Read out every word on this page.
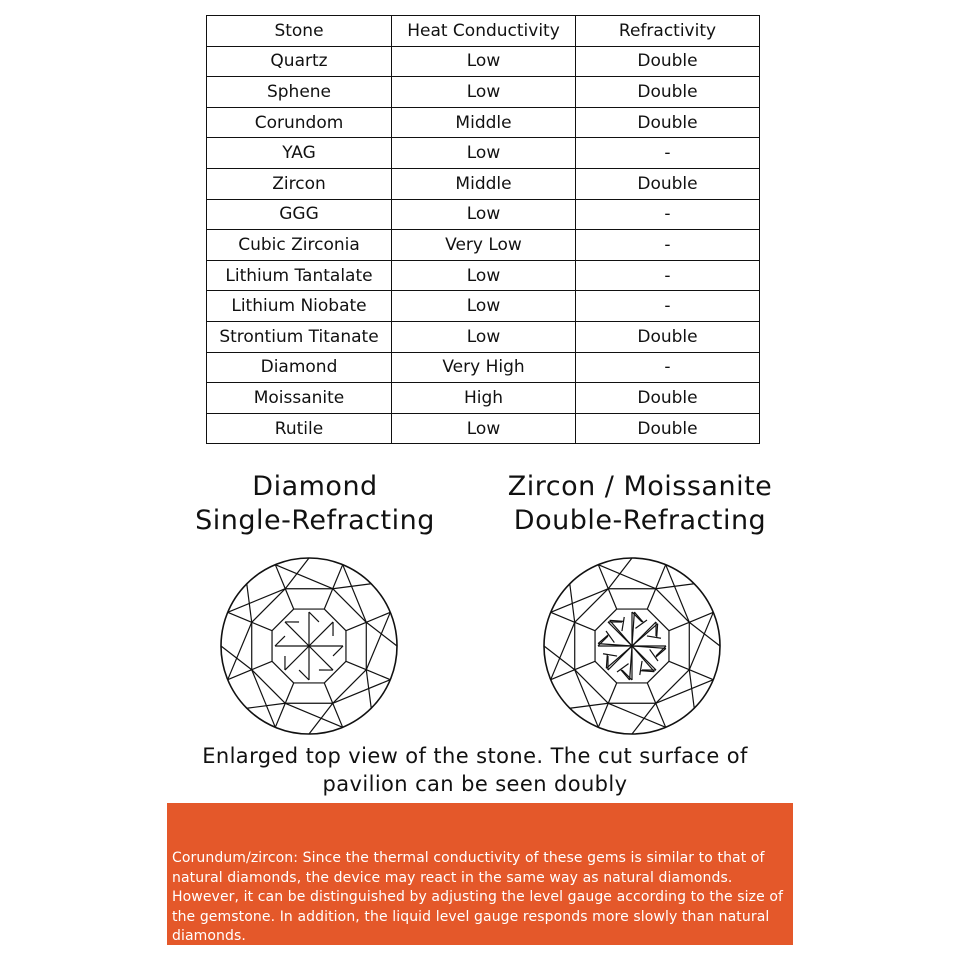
Stone	Heat Conductivity	Refractivity
Quartz	Low	Double
Sphene	Low	Double
Corundom	Middle	Double
YAG	Low	-
Zircon	Middle	Double
GGG	Low	-
Cubic Zirconia	Very Low	-
Lithium Tantalate	Low	-
Lithium Niobate	Low	-
Strontium Titanate	Low	Double
Diamond	Very High	-
Moissanite	High	Double
Rutile	Low	Double
Diamond
Single-Refracting
Zircon / Moissanite
Double-Refracting
Enlarged top view of the stone. The cut surface of
pavilion can be seen doubly
Corundum/zircon: Since the thermal conductivity of these gems is similar to that of natural diamonds, the device may react in the same way as natural diamonds. However, it can be distinguished by adjusting the level gauge according to the size of the gemstone. In addition, the liquid level gauge responds more slowly than natural diamonds.
